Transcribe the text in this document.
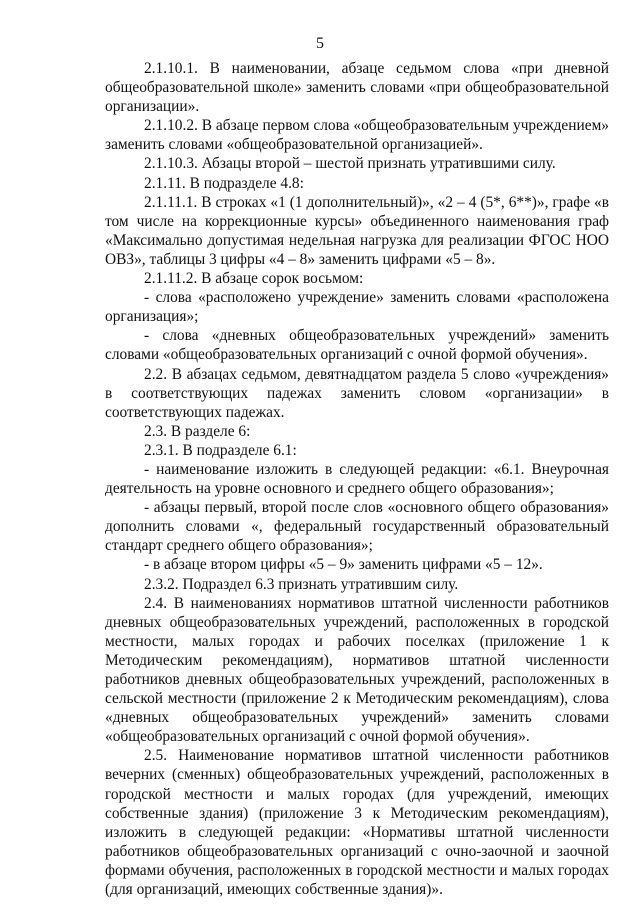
5

2.1.10.1. В наименовании, абзаце седьмом слова «при дневной общеобразовательной школе» заменить словами «при общеобразовательной организации».

2.1.10.2. В абзаце первом слова «общеобразовательным учреждением» заменить словами «общеобразовательной организацией».

2.1.10.3. Абзацы второй – шестой признать утратившими силу.

2.1.11. В подразделе 4.8:

2.1.11.1. В строках «1 (1 дополнительный)», «2 – 4 (5*, 6**)», графе «в том числе на коррекционные курсы» объединенного наименования граф «Максимально допустимая недельная нагрузка для реализации ФГОС НОО ОВЗ», таблицы 3 цифры «4 – 8» заменить цифрами «5 – 8».

2.1.11.2. В абзаце сорок восьмом:

- слова «расположено учреждение» заменить словами «расположена организация»;

- слова «дневных общеобразовательных учреждений» заменить словами «общеобразовательных организаций с очной формой обучения».

2.2. В абзацах седьмом, девятнадцатом раздела 5 слово «учреждения» в соответствующих падежах заменить словом «организации» в соответствующих падежах.

2.3. В разделе 6:

2.3.1. В подразделе 6.1:

- наименование изложить в следующей редакции: «6.1. Внеурочная деятельность на уровне основного и среднего общего образования»;

- абзацы первый, второй после слов «основного общего образования» дополнить словами «, федеральный государственный образовательный стандарт среднего общего образования»;

- в абзаце втором цифры «5 – 9» заменить цифрами «5 – 12».

2.3.2. Подраздел 6.3 признать утратившим силу.

2.4. В наименованиях нормативов штатной численности работников дневных общеобразовательных учреждений, расположенных в городской местности, малых городах и рабочих поселках (приложение 1 к Методическим рекомендациям), нормативов штатной численности работников дневных общеобразовательных учреждений, расположенных в сельской местности (приложение 2 к Методическим рекомендациям), слова «дневных общеобразовательных учреждений» заменить словами «общеобразовательных организаций с очной формой обучения».

2.5. Наименование нормативов штатной численности работников вечерних (сменных) общеобразовательных учреждений, расположенных в городской местности и малых городах (для учреждений, имеющих собственные здания) (приложение 3 к Методическим рекомендациям), изложить в следующей редакции: «Нормативы штатной численности работников общеобразовательных организаций с очно-заочной и заочной формами обучения, расположенных в городской местности и малых городах (для организаций, имеющих собственные здания)».
